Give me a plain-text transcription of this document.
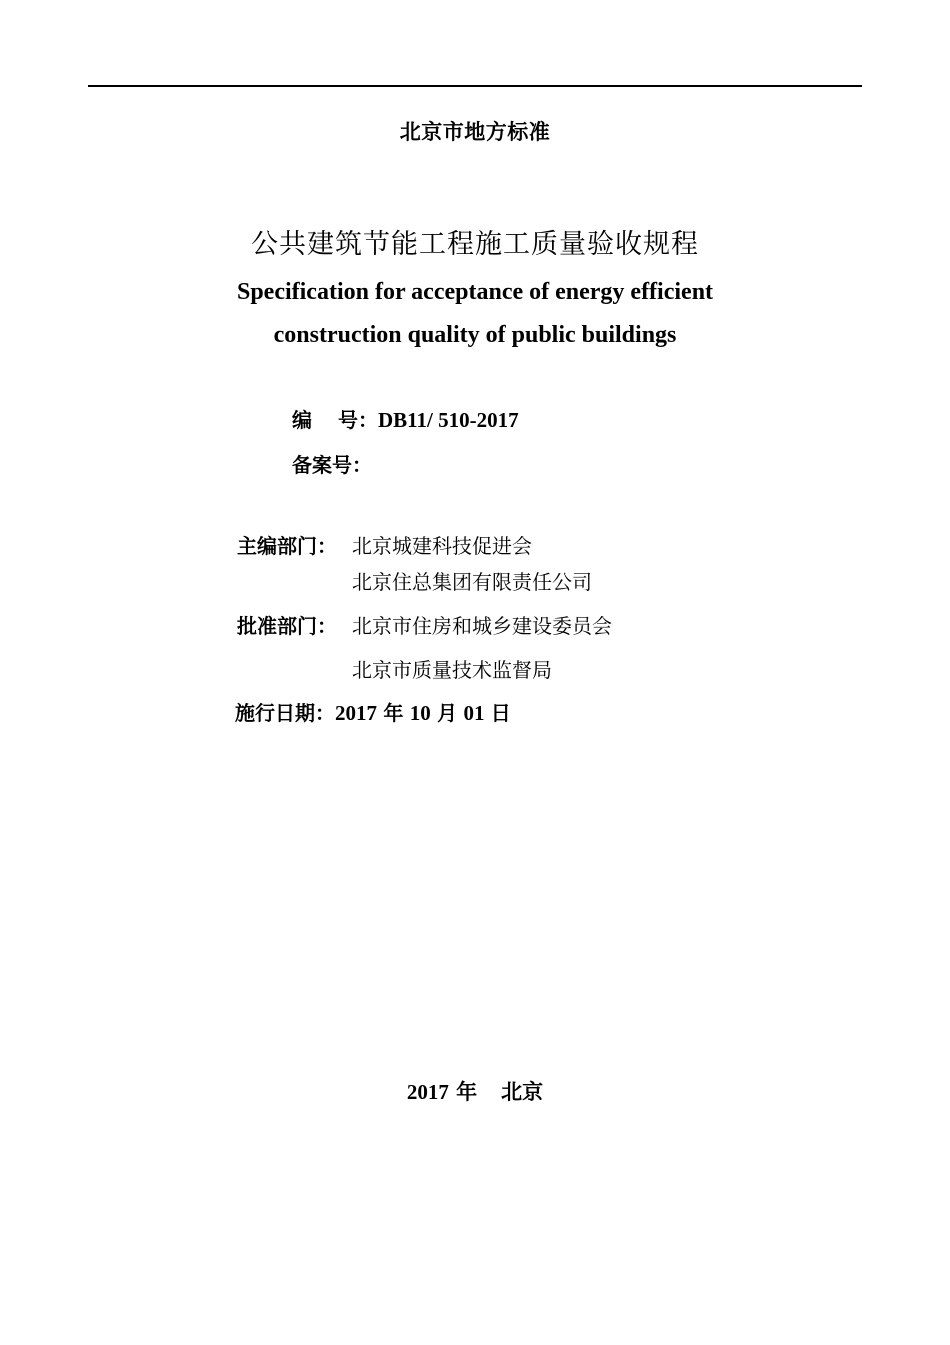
北京市地方标准
公共建筑节能工程施工质量验收规程
Specification for acceptance of energy efficient
construction quality of public buildings
编 号：DB11/ 510-2017
备案号：
主编部门： 北京城建科技促进会
北京住总集团有限责任公司
批准部门： 北京市住房和城乡建设委员会
北京市质量技术监督局
施行日期：2017 年 10 月 01 日
2017 年 北京
